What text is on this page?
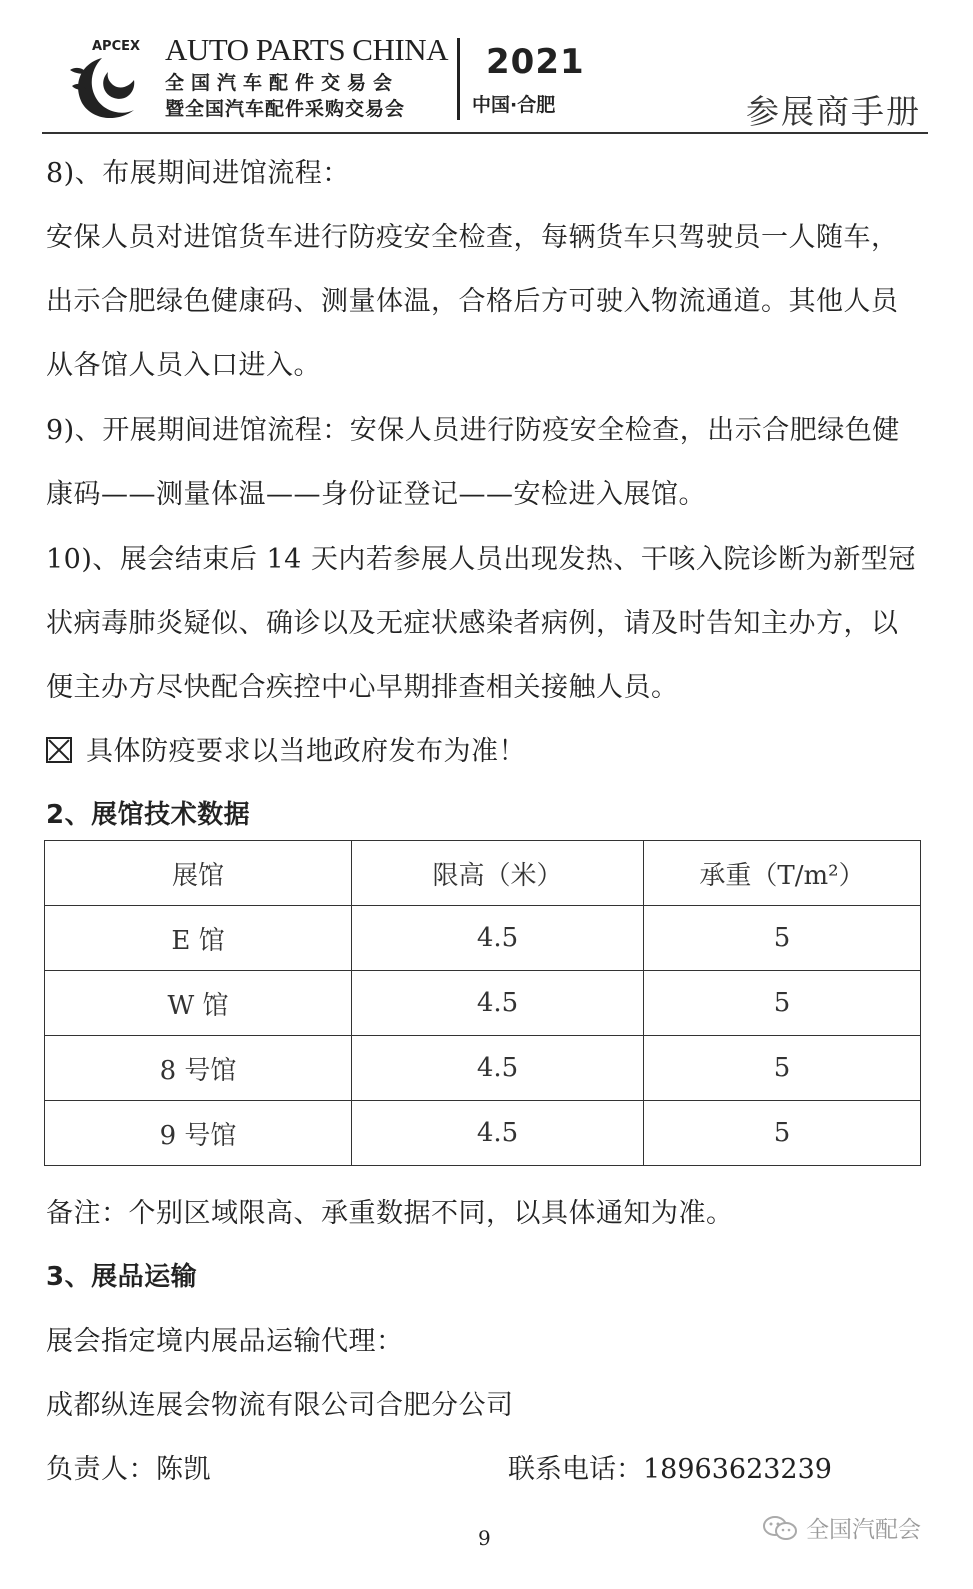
APCEX AUTO PARTS CHINA
全国汽车配件交易会
暨全国汽车配件采购交易会
2021
中国·合肥	参展商手册
8)、布展期间进馆流程：
安保人员对进馆货车进行防疫安全检查，每辆货车只驾驶员一人随车，
出示合肥绿色健康码、测量体温，合格后方可驶入物流通道。其他人员
从各馆人员入口进入。
9)、开展期间进馆流程：安保人员进行防疫安全检查，出示合肥绿色健
康码——测量体温——身份证登记——安检进入展馆。
10)、展会结束后 14 天内若参展人员出现发热、干咳入院诊断为新型冠
状病毒肺炎疑似、确诊以及无症状感染者病例，请及时告知主办方，以
便主办方尽快配合疾控中心早期排查相关接触人员。
具体防疫要求以当地政府发布为准！
2、展馆技术数据
展馆	限高（米）	承重（T/m²）
E 馆	4.5	5
W 馆	4.5	5
8 号馆	4.5	5
9 号馆	4.5	5
备注：个别区域限高、承重数据不同，以具体通知为准。
3、展品运输
展会指定境内展品运输代理：
成都纵连展会物流有限公司合肥分公司
负责人：陈凯	联系电话：18963623239
9	全国汽配会
